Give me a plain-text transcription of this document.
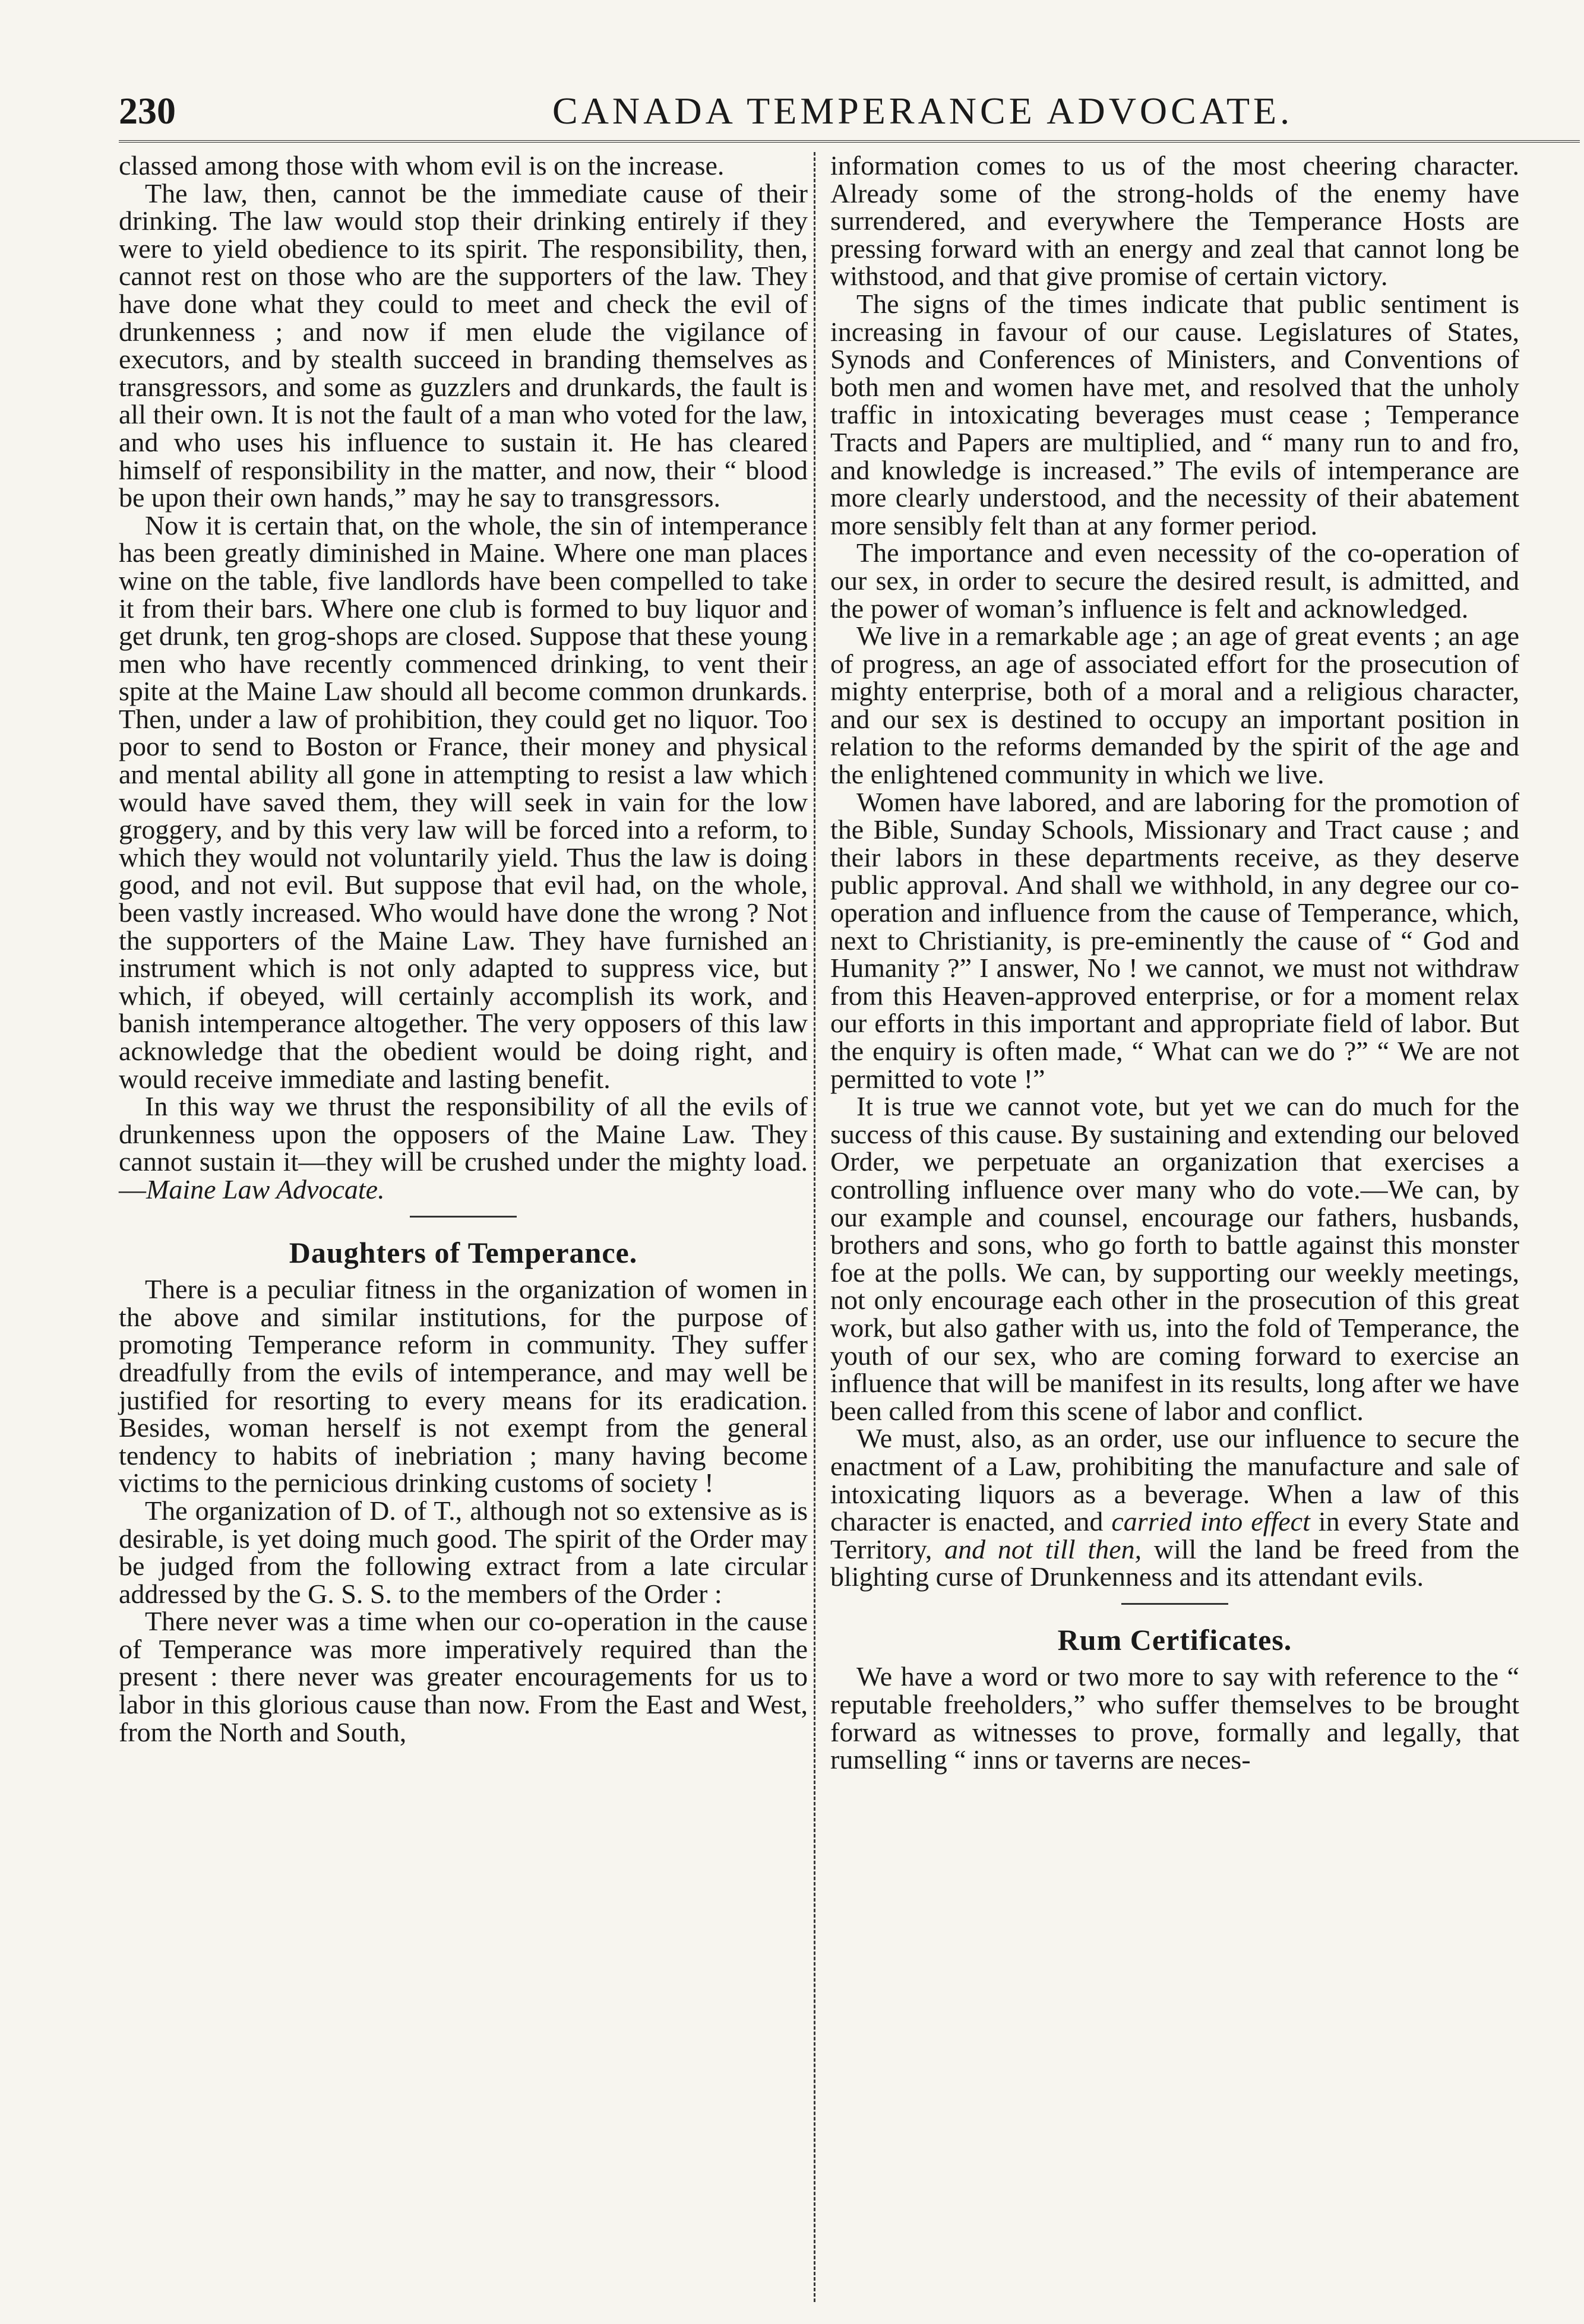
230	CANADA TEMPERANCE ADVOCATE.

classed among those with whom evil is on the increase.

The law, then, cannot be the immediate cause of their drinking. The law would stop their drinking entirely if they were to yield obedience to its spirit. The responsibility, then, cannot rest on those who are the supporters of the law. They have done what they could to meet and check the evil of drunkenness ; and now if men elude the vigilance of executors, and by stealth succeed in branding themselves as transgressors, and some as guzzlers and drunkards, the fault is all their own. It is not the fault of a man who voted for the law, and who uses his influence to sustain it. He has cleared himself of responsibility in the matter, and now, their “ blood be upon their own hands,” may he say to transgressors.

Now it is certain that, on the whole, the sin of intemperance has been greatly diminished in Maine. Where one man places wine on the table, five landlords have been compelled to take it from their bars. Where one club is formed to buy liquor and get drunk, ten grog-shops are closed. Suppose that these young men who have recently commenced drinking, to vent their spite at the Maine Law should all become common drunkards. Then, under a law of prohibition, they could get no liquor. Too poor to send to Boston or France, their money and physical and mental ability all gone in attempting to resist a law which would have saved them, they will seek in vain for the low groggery, and by this very law will be forced into a reform, to which they would not voluntarily yield. Thus the law is doing good, and not evil. But suppose that evil had, on the whole, been vastly increased. Who would have done the wrong ? Not the supporters of the Maine Law. They have furnished an instrument which is not only adapted to suppress vice, but which, if obeyed, will certainly accomplish its work, and banish intemperance altogether. The very opposers of this law acknowledge that the obedient would be doing right, and would receive immediate and lasting benefit.

In this way we thrust the responsibility of all the evils of drunkenness upon the opposers of the Maine Law. They cannot sustain it—they will be crushed under the mighty load.—Maine Law Advocate.

Daughters of Temperance.

There is a peculiar fitness in the organization of women in the above and similar institutions, for the purpose of promoting Temperance reform in community. They suffer dreadfully from the evils of intemperance, and may well be justified for resorting to every means for its eradication. Besides, woman herself is not exempt from the general tendency to habits of inebriation ; many having become victims to the pernicious drinking customs of society !

The organization of D. of T., although not so extensive as is desirable, is yet doing much good. The spirit of the Order may be judged from the following extract from a late circular addressed by the G. S. S. to the members of the Order :

There never was a time when our co-operation in the cause of Temperance was more imperatively required than the present : there never was greater encouragements for us to labor in this glorious cause than now. From the East and West, from the North and South,

information comes to us of the most cheering character. Already some of the strong-holds of the enemy have surrendered, and everywhere the Temperance Hosts are pressing forward with an energy and zeal that cannot long be withstood, and that give promise of certain victory.

The signs of the times indicate that public sentiment is increasing in favour of our cause. Legislatures of States, Synods and Conferences of Ministers, and Conventions of both men and women have met, and resolved that the unholy traffic in intoxicating beverages must cease ; Temperance Tracts and Papers are multiplied, and “ many run to and fro, and knowledge is increased.” The evils of intemperance are more clearly understood, and the necessity of their abatement more sensibly felt than at any former period.

The importance and even necessity of the co-operation of our sex, in order to secure the desired result, is admitted, and the power of woman’s influence is felt and acknowledged.

We live in a remarkable age ; an age of great events ; an age of progress, an age of associated effort for the prosecution of mighty enterprise, both of a moral and a religious character, and our sex is destined to occupy an important position in relation to the reforms demanded by the spirit of the age and the enlightened community in which we live.

Women have labored, and are laboring for the promotion of the Bible, Sunday Schools, Missionary and Tract cause ; and their labors in these departments receive, as they deserve public approval. And shall we withhold, in any degree our co-operation and influence from the cause of Temperance, which, next to Christianity, is pre-eminently the cause of “ God and Humanity ?” I answer, No ! we cannot, we must not withdraw from this Heaven-approved enterprise, or for a moment relax our efforts in this important and appropriate field of labor. But the enquiry is often made, “ What can we do ?” “ We are not permitted to vote !”

It is true we cannot vote, but yet we can do much for the success of this cause. By sustaining and extending our beloved Order, we perpetuate an organization that exercises a controlling influence over many who do vote.—We can, by our example and counsel, encourage our fathers, husbands, brothers and sons, who go forth to battle against this monster foe at the polls. We can, by supporting our weekly meetings, not only encourage each other in the prosecution of this great work, but also gather with us, into the fold of Temperance, the youth of our sex, who are coming forward to exercise an influence that will be manifest in its results, long after we have been called from this scene of labor and conflict.

We must, also, as an order, use our influence to secure the enactment of a Law, prohibiting the manufacture and sale of intoxicating liquors as a beverage. When a law of this character is enacted, and carried into effect in every State and Territory, and not till then, will the land be freed from the blighting curse of Drunkenness and its attendant evils.

Rum Certificates.

We have a word or two more to say with reference to the “ reputable freeholders,” who suffer themselves to be brought forward as witnesses to prove, formally and legally, that rumselling “ inns or taverns are neces-
